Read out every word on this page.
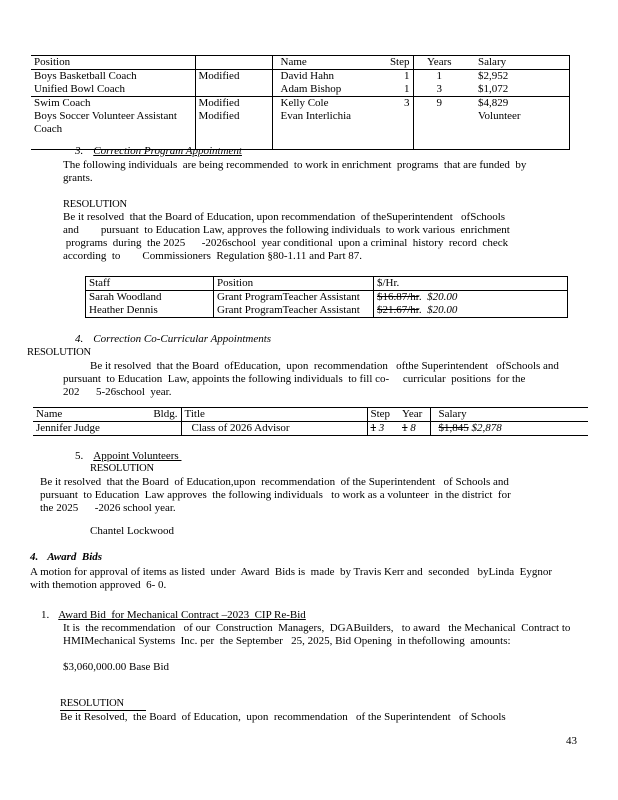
Position		Name	Step	Years	Salary
Boys Basketball Coach	Modified	David Hahn	1	1	$2,952
Unified Bowl Coach		Adam Bishop	1	3	$1,072
Swim Coach	Modified	Kelly Cole	3	9	$4,829
Boys Soccer Volunteer Assistant Coach	Modified	Evan Interlichia			Volunteer
3. Correction Program Appointment
The following individuals  are being recommended  to work in enrichment  programs  that are funded  by
grants.
RESOLUTION
Be it resolved  that the Board of Education, upon recommendation  of theSuperintendent   ofSchools
and        pursuant  to Education Law, approves the following individuals  to work various  enrichment
programs  during  the 2025      -2026school  year conditional  upon a criminal  history  record  check
according  to        Commissioners  Regulation §80-1.11 and Part 87.
Staff	Position	$/Hr.
Sarah Woodland	Grant ProgramTeacher Assistant	$16.87/hr.  $20.00
Heather Dennis	Grant ProgramTeacher Assistant	$21.67/hr.  $20.00
4. Correction Co-Curricular Appointments
RESOLUTION
Be it resolved  that the Board  ofEducation,  upon  recommendation   ofthe Superintendent   ofSchools and
pursuant  to Education  Law, appoints the following individuals  to fill co-     curricular  positions  for the
202      5-26school  year.
Name	Bldg.	Title	Step	Year	Salary
Jennifer Judge		Class of 2026 Advisor	1 3	1 8	$1,845 $2,878
5. Appoint Volunteers
RESOLUTION
Be it resolved  that the Board  of Education,upon  recommendation  of the Superintendent   of Schools and
pursuant  to Education  Law approves  the following individuals   to work as a volunteer  in the district  for
the 2025      -2026 school year.
Chantel Lockwood
4. Award  Bids
A motion for approval of items as listed  under  Award  Bids is  made  by Travis Kerr and  seconded   byLinda  Eygnor
with themotion approved  6- 0.
1. Award Bid  for Mechanical Contract –2023  CIP Re-Bid
It is  the recommendation   of our  Construction  Managers,  DGABuilders,   to award   the Mechanical  Contract to
HMIMechanical Systems  Inc. per  the September   25, 2025, Bid Opening  in thefollowing  amounts:
$3,060,000.00 Base Bid
RESOLUTION
Be it Resolved,  the Board  of Education,  upon  recommendation   of the Superintendent   of Schools
43
